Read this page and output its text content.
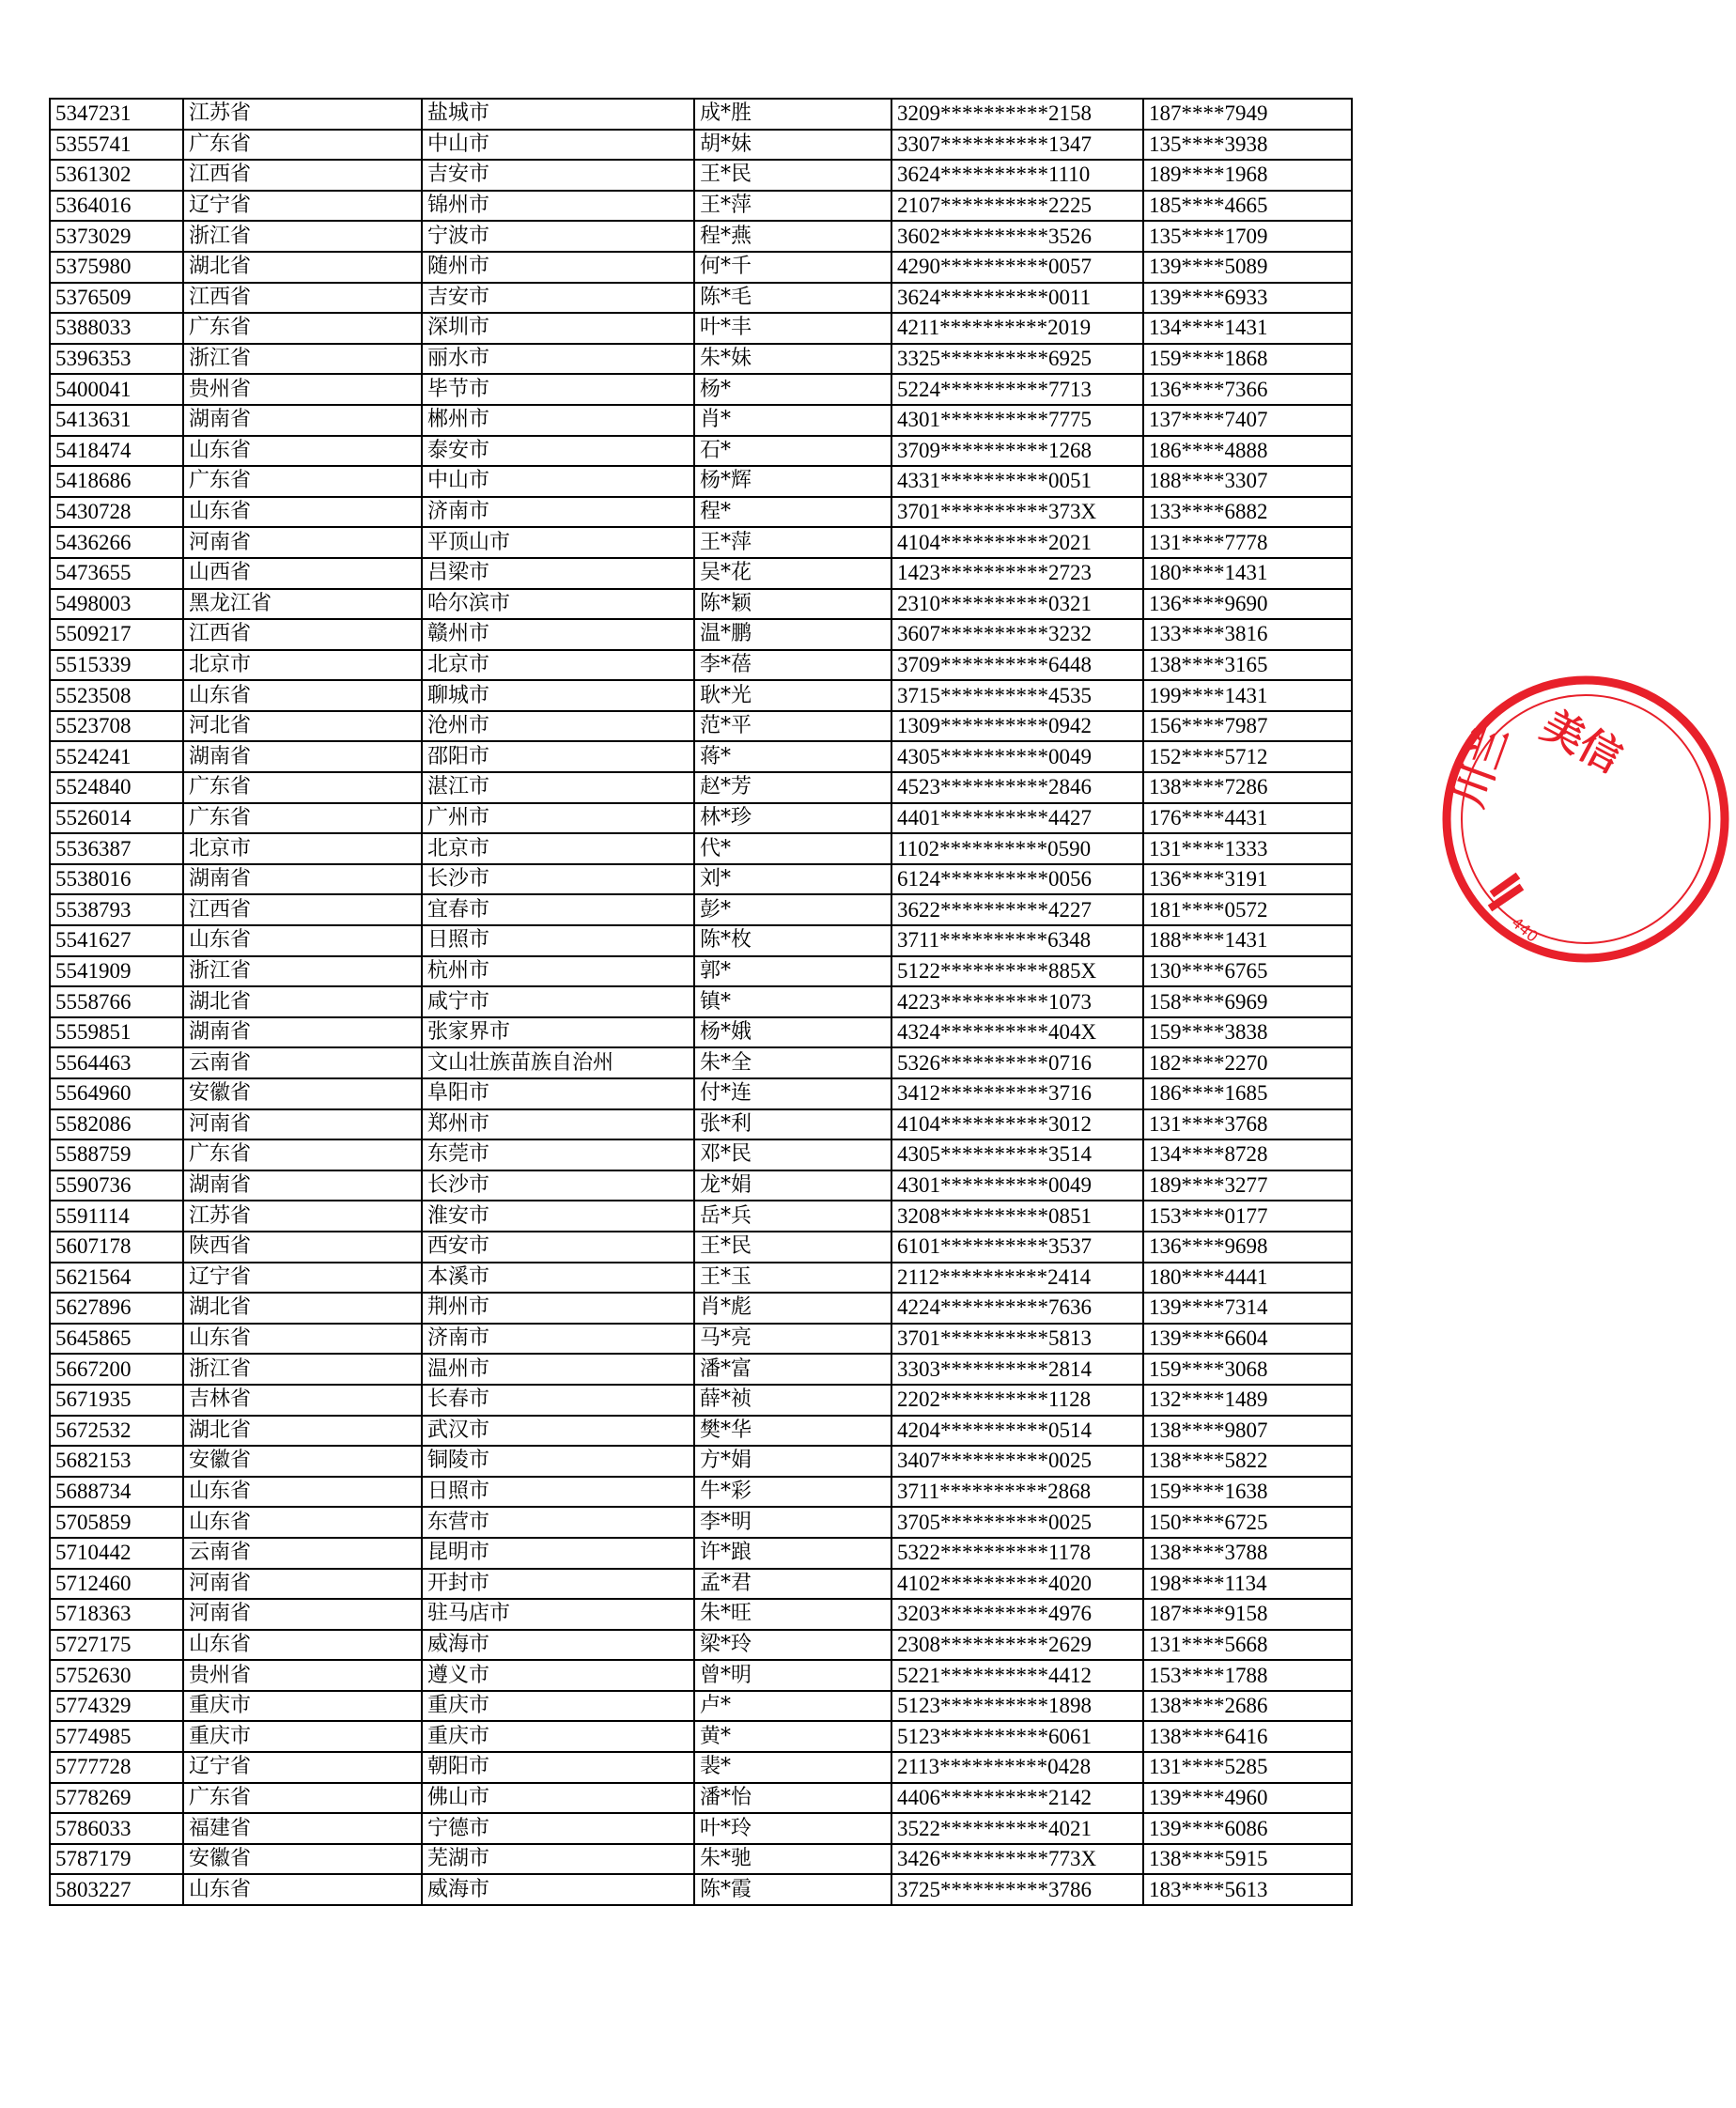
5347231	江苏省	盐城市	成*胜	3209**********2158	187****7949
5355741	广东省	中山市	胡*妹	3307**********1347	135****3938
5361302	江西省	吉安市	王*民	3624**********1110	189****1968
5364016	辽宁省	锦州市	王*萍	2107**********2225	185****4665
5373029	浙江省	宁波市	程*燕	3602**********3526	135****1709
5375980	湖北省	随州市	何*千	4290**********0057	139****5089
5376509	江西省	吉安市	陈*毛	3624**********0011	139****6933
5388033	广东省	深圳市	叶*丰	4211**********2019	134****1431
5396353	浙江省	丽水市	朱*妹	3325**********6925	159****1868
5400041	贵州省	毕节市	杨*	5224**********7713	136****7366
5413631	湖南省	郴州市	肖*	4301**********7775	137****7407
5418474	山东省	泰安市	石*	3709**********1268	186****4888
5418686	广东省	中山市	杨*辉	4331**********0051	188****3307
5430728	山东省	济南市	程*	3701**********373X	133****6882
5436266	河南省	平顶山市	王*萍	4104**********2021	131****7778
5473655	山西省	吕梁市	吴*花	1423**********2723	180****1431
5498003	黑龙江省	哈尔滨市	陈*颖	2310**********0321	136****9690
5509217	江西省	赣州市	温*鹏	3607**********3232	133****3816
5515339	北京市	北京市	李*蓓	3709**********6448	138****3165
5523508	山东省	聊城市	耿*光	3715**********4535	199****1431
5523708	河北省	沧州市	范*平	1309**********0942	156****7987
5524241	湖南省	邵阳市	蒋*	4305**********0049	152****5712
5524840	广东省	湛江市	赵*芳	4523**********2846	138****7286
5526014	广东省	广州市	林*珍	4401**********4427	176****4431
5536387	北京市	北京市	代*	1102**********0590	131****1333
5538016	湖南省	长沙市	刘*	6124**********0056	136****3191
5538793	江西省	宜春市	彭*	3622**********4227	181****0572
5541627	山东省	日照市	陈*枚	3711**********6348	188****1431
5541909	浙江省	杭州市	郭*	5122**********885X	130****6765
5558766	湖北省	咸宁市	镇*	4223**********1073	158****6969
5559851	湖南省	张家界市	杨*娥	4324**********404X	159****3838
5564463	云南省	文山壮族苗族自治州	朱*全	5326**********0716	182****2270
5564960	安徽省	阜阳市	付*连	3412**********3716	186****1685
5582086	河南省	郑州市	张*利	4104**********3012	131****3768
5588759	广东省	东莞市	邓*民	4305**********3514	134****8728
5590736	湖南省	长沙市	龙*娟	4301**********0049	189****3277
5591114	江苏省	淮安市	岳*兵	3208**********0851	153****0177
5607178	陕西省	西安市	王*民	6101**********3537	136****9698
5621564	辽宁省	本溪市	王*玉	2112**********2414	180****4441
5627896	湖北省	荆州市	肖*彪	4224**********7636	139****7314
5645865	山东省	济南市	马*亮	3701**********5813	139****6604
5667200	浙江省	温州市	潘*富	3303**********2814	159****3068
5671935	吉林省	长春市	薛*祯	2202**********1128	132****1489
5672532	湖北省	武汉市	樊*华	4204**********0514	138****9807
5682153	安徽省	铜陵市	方*娟	3407**********0025	138****5822
5688734	山东省	日照市	牛*彩	3711**********2868	159****1638
5705859	山东省	东营市	李*明	3705**********0025	150****6725
5710442	云南省	昆明市	许*踉	5322**********1178	138****3788
5712460	河南省	开封市	孟*君	4102**********4020	198****1134
5718363	河南省	驻马店市	朱*旺	3203**********4976	187****9158
5727175	山东省	威海市	梁*玲	2308**********2629	131****5668
5752630	贵州省	遵义市	曾*明	5221**********4412	153****1788
5774329	重庆市	重庆市	卢*	5123**********1898	138****2686
5774985	重庆市	重庆市	黄*	5123**********6061	138****6416
5777728	辽宁省	朝阳市	裴*	2113**********0428	131****5285
5778269	广东省	佛山市	潘*怡	4406**********2142	139****4960
5786033	福建省	宁德市	叶*玲	3522**********4021	139****6086
5787179	安徽省	芜湖市	朱*驰	3426**********773X	138****5915
5803227	山东省	威海市	陈*霞	3725**********3786	183****5613
美信
川兰
440
